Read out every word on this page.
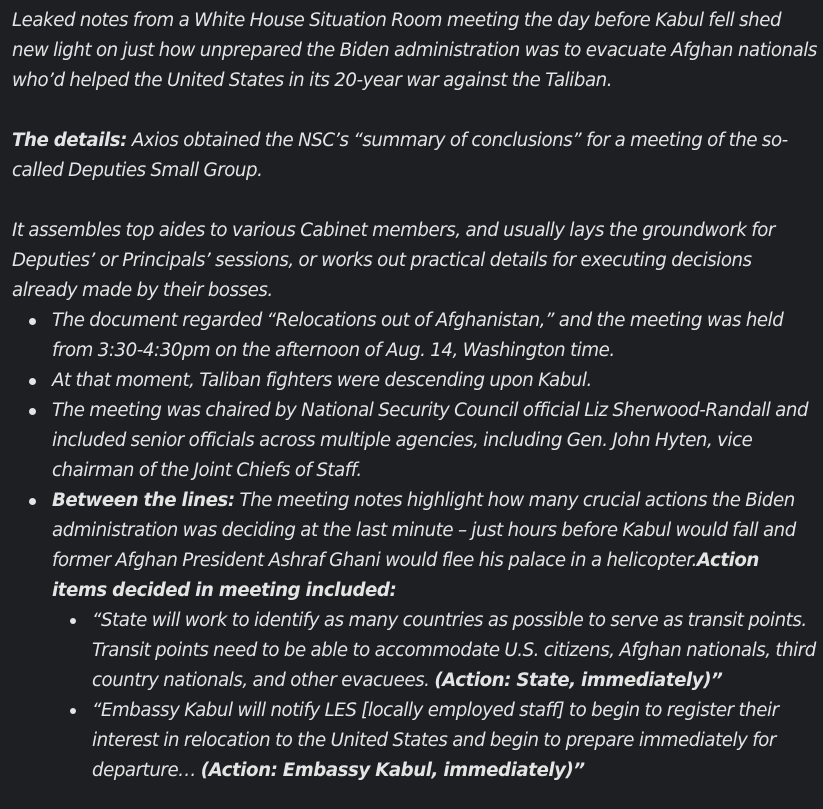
Leaked notes from a White House Situation Room meeting the day before Kabul fell shed new light on just how unprepared the Biden administration was to evacuate Afghan nationals who’d helped the United States in its 20-year war against the Taliban.

The details: Axios obtained the NSC’s “summary of conclusions” for a meeting of the so-called Deputies Small Group.

It assembles top aides to various Cabinet members, and usually lays the groundwork for Deputies’ or Principals’ sessions, or works out practical details for executing decisions already made by their bosses.

The document regarded “Relocations out of Afghanistan,” and the meeting was held from 3:30-4:30pm on the afternoon of Aug. 14, Washington time.
At that moment, Taliban fighters were descending upon Kabul.
The meeting was chaired by National Security Council official Liz Sherwood-Randall and included senior officials across multiple agencies, including Gen. John Hyten, vice chairman of the Joint Chiefs of Staff.
Between the lines: The meeting notes highlight how many crucial actions the Biden administration was deciding at the last minute – just hours before Kabul would fall and former Afghan President Ashraf Ghani would flee his palace in a helicopter.Action items decided in meeting included:
“State will work to identify as many countries as possible to serve as transit points. Transit points need to be able to accommodate U.S. citizens, Afghan nationals, third country nationals, and other evacuees. (Action: State, immediately)”
“Embassy Kabul will notify LES [locally employed staff] to begin to register their interest in relocation to the United States and begin to prepare immediately for departure… (Action: Embassy Kabul, immediately)”
